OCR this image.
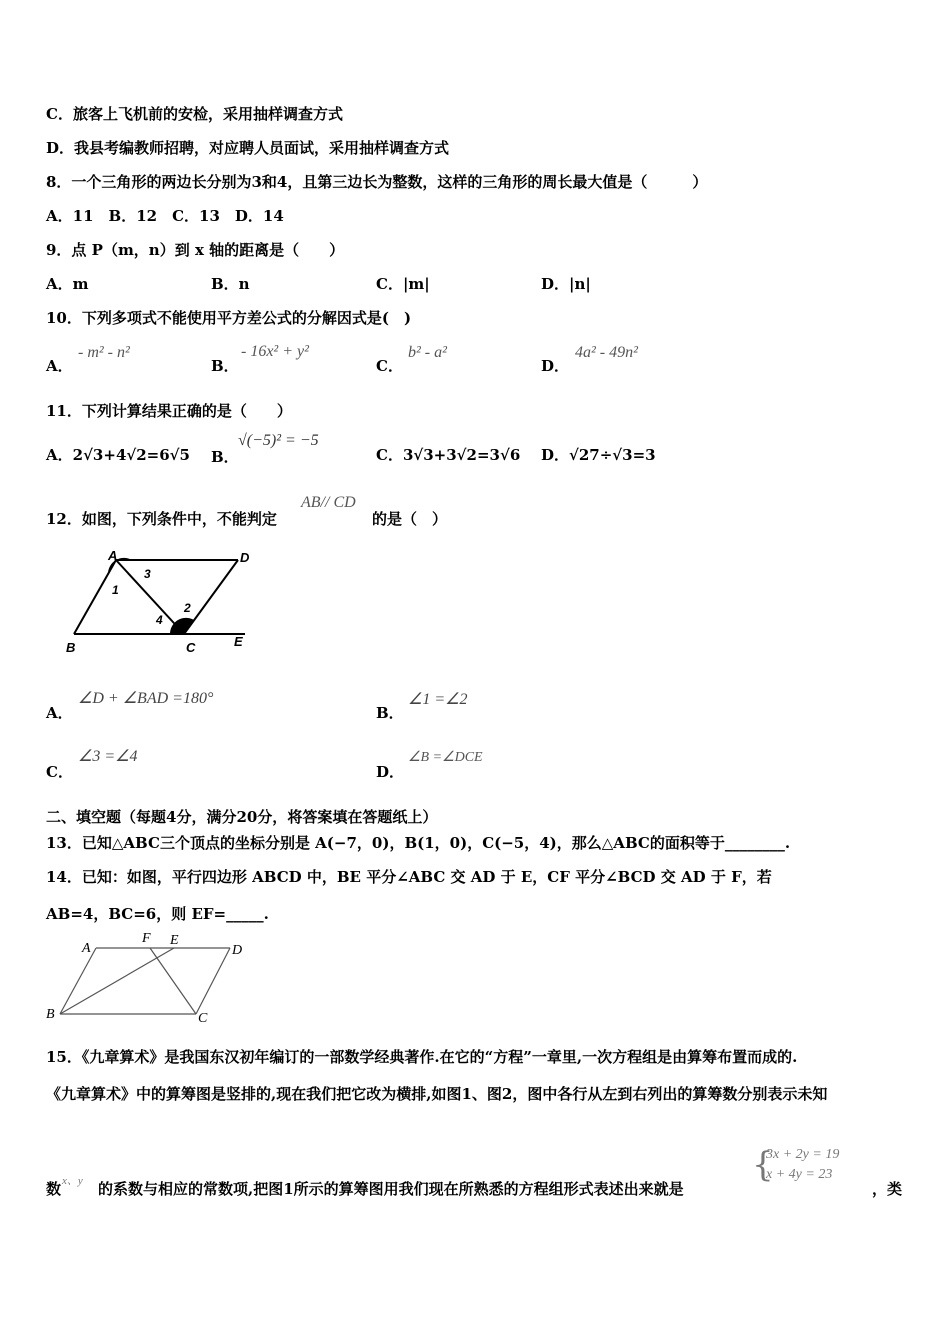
C．旅客上飞机前的安检，采用抽样调查方式
D．我县考编教师招聘，对应聘人员面试，采用抽样调查方式
8．一个三角形的两边长分别为3和4，且第三边长为整数，这样的三角形的周长最大值是（　　　）
A．11　B．12　C．13　D．14
9．点 P（m，n）到 x 轴的距离是（　　）
A．m	B．n	C．|m|	D．|n|
10．下列多项式不能使用平方差公式的分解因式是(　)
A．
- m² - n²
B．
- 16x² + y²
C．
b² - a²
D．
4a² - 49n²
11．下列计算结果正确的是（　　）
A．2√3+4√2=6√5 B．
√(−5)² = −5
C．3√3+3√2=3√6 D．√27÷√3=3
12．如图，下列条件中，不能判定
AB// CD
的是（　）
A	D
B	C	E
1
2
3
4
A．
∠D + ∠BAD =180°
B．
∠1 =∠2
C．
∠3 =∠4
D．
∠B =∠DCE
二、填空题（每题4分，满分20分，将答案填在答题纸上）
13．已知△ABC三个顶点的坐标分别是 A(−7，0)，B(1，0)，C(−5，4)，那么△ABC的面积等于________.
14．已知：如图，平行四边形 ABCD 中，BE 平分∠ABC 交 AD 于 E，CF 平分∠BCD 交 AD 于 F，若
AB=4，BC=6，则 EF=_____.
A
F E
D
B	C
15．《九章算术》是我国东汉初年编订的一部数学经典著作.在它的“方程”一章里,一次方程组是由算筹布置而成的.
《九章算术》中的算筹图是竖排的,现在我们把它改为横排,如图1、图2，图中各行从左到右列出的算筹数分别表示未知
数 x、y 的系数与相应的常数项,把图1所示的算筹图用我们现在所熟悉的方程组形式表述出来就是
{
3x + 2y = 19
x + 4y = 23
，类
